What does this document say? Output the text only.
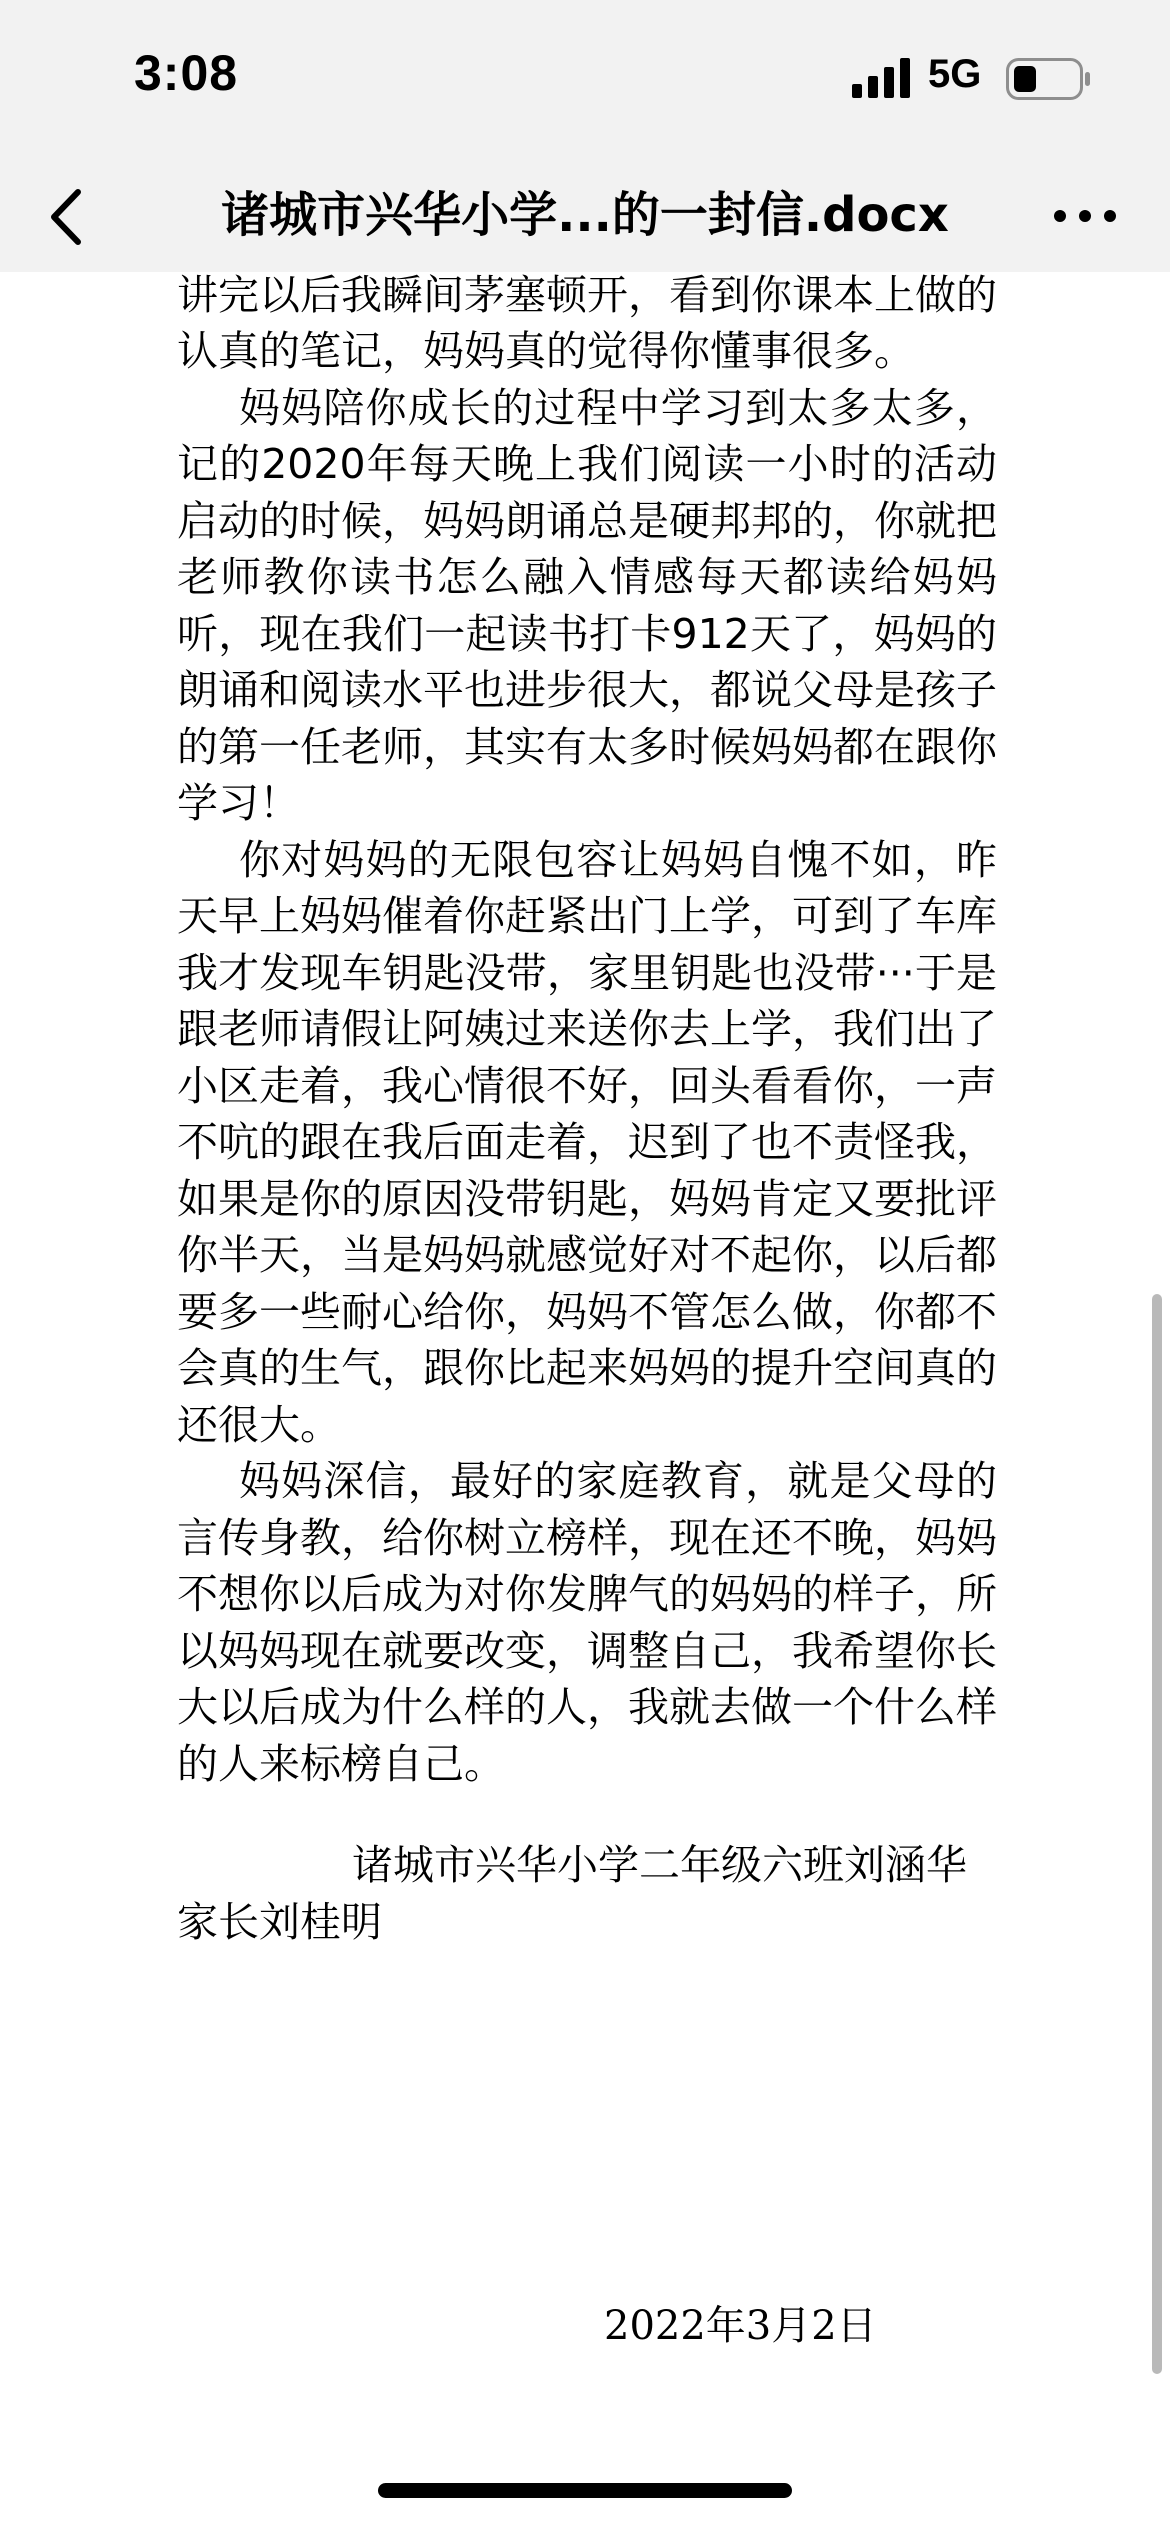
3:08	5G
诸城市兴华小学...的一封信.docx

讲完以后我瞬间茅塞顿开，看到你课本上做的认真的笔记，妈妈真的觉得你懂事很多。

妈妈陪你成长的过程中学习到太多太多，记的2020年每天晚上我们阅读一小时的活动启动的时候，妈妈朗诵总是硬邦邦的，你就把老师教你读书怎么融入情感每天都读给妈妈听，现在我们一起读书打卡912天了，妈妈的朗诵和阅读水平也进步很大，都说父母是孩子的第一任老师，其实有太多时候妈妈都在跟你学习！

你对妈妈的无限包容让妈妈自愧不如，昨天早上妈妈催着你赶紧出门上学，可到了车库我才发现车钥匙没带，家里钥匙也没带···于是跟老师请假让阿姨过来送你去上学，我们出了小区走着，我心情很不好，回头看看你，一声不吭的跟在我后面走着，迟到了也不责怪我，如果是你的原因没带钥匙，妈妈肯定又要批评你半天，当是妈妈就感觉好对不起你，以后都要多一些耐心给你，妈妈不管怎么做，你都不会真的生气，跟你比起来妈妈的提升空间真的还很大。

妈妈深信，最好的家庭教育，就是父母的言传身教，给你树立榜样，现在还不晚，妈妈不想你以后成为对你发脾气的妈妈的样子，所以妈妈现在就要改变，调整自己，我希望你长大以后成为什么样的人，我就去做一个什么样的人来标榜自己。

诸城市兴华小学二年级六班刘涵华家长刘桂明

2022年3月2日
